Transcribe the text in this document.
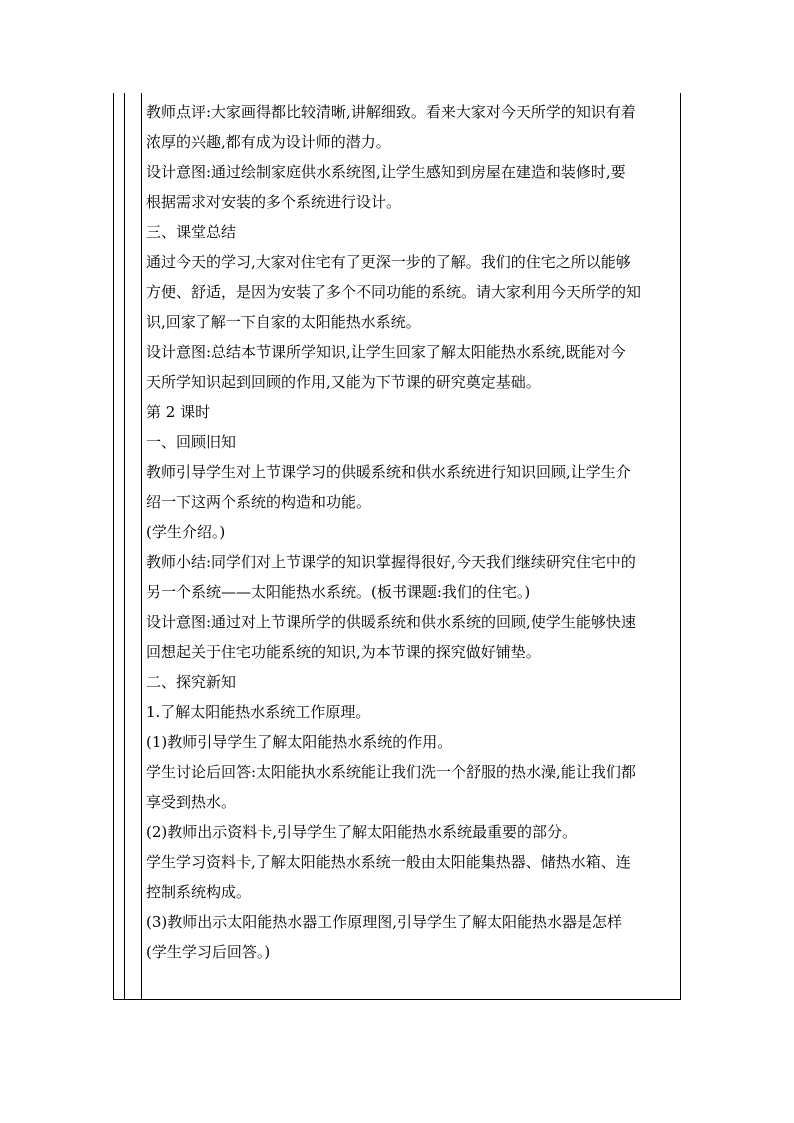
教师点评:大家画得都比较清晰,讲解细致。看来大家对今天所学的知识有着
浓厚的兴趣,都有成为设计师的潜力。
设计意图:通过绘制家庭供水系统图,让学生感知到房屋在建造和装修时,要
根据需求对安装的多个系统进行设计。
三、课堂总结
通过今天的学习,大家对住宅有了更深一步的了解。我们的住宅之所以能够
方便、舒适，是因为安装了多个不同功能的系统。请大家利用今天所学的知
识,回家了解一下自家的太阳能热水系统。
设计意图:总结本节课所学知识,让学生回家了解太阳能热水系统,既能对今
天所学知识起到回顾的作用,又能为下节课的研究奠定基础。
第 2 课时
一、回顾旧知
教师引导学生对上节课学习的供暖系统和供水系统进行知识回顾,让学生介
绍一下这两个系统的构造和功能。
(学生介绍。)
教师小结:同学们对上节课学的知识掌握得很好,今天我们继续研究住宅中的
另一个系统——太阳能热水系统。(板书课题:我们的住宅。)
设计意图:通过对上节课所学的供暖系统和供水系统的回顾,使学生能够快速
回想起关于住宅功能系统的知识,为本节课的探究做好铺垫。
二、探究新知
1.了解太阳能热水系统工作原理。
(1)教师引导学生了解太阳能热水系统的作用。
学生讨论后回答:太阳能执水系统能让我们洗一个舒服的热水澡,能让我们都
享受到热水。
(2)教师出示资料卡,引导学生了解太阳能热水系统最重要的部分。
学生学习资料卡,了解太阳能热水系统一般由太阳能集热器、储热水箱、连
控制系统构成。
(3)教师出示太阳能热水器工作原理图,引导学生了解太阳能热水器是怎样
(学生学习后回答。)
